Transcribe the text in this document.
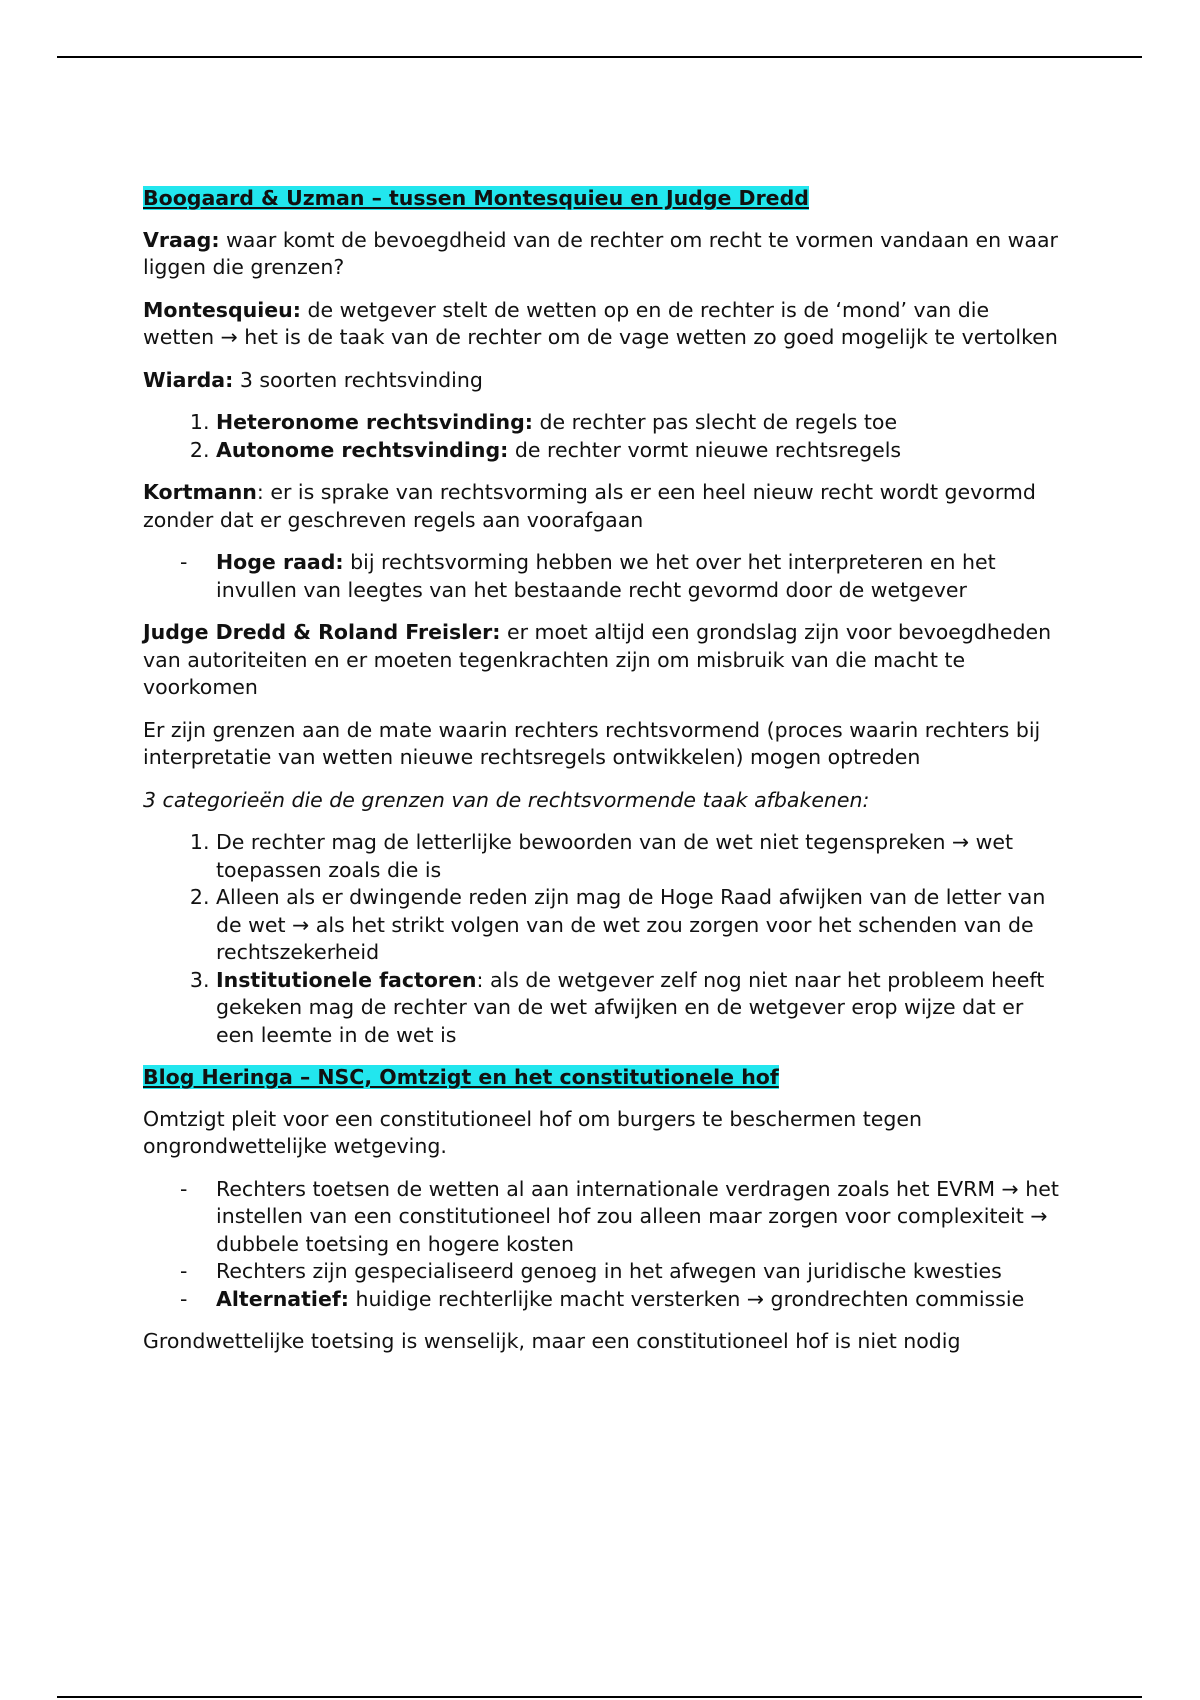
Boogaard & Uzman – tussen Montesquieu en Judge Dredd

Vraag: waar komt de bevoegdheid van de rechter om recht te vormen vandaan en waar liggen die grenzen?

Montesquieu: de wetgever stelt de wetten op en de rechter is de ‘mond’ van die wetten → het is de taak van de rechter om de vage wetten zo goed mogelijk te vertolken

Wiarda: 3 soorten rechtsvinding

1. Heteronome rechtsvinding: de rechter pas slecht de regels toe
2. Autonome rechtsvinding: de rechter vormt nieuwe rechtsregels

Kortmann: er is sprake van rechtsvorming als er een heel nieuw recht wordt gevormd zonder dat er geschreven regels aan voorafgaan

- Hoge raad: bij rechtsvorming hebben we het over het interpreteren en het invullen van leegtes van het bestaande recht gevormd door de wetgever

Judge Dredd & Roland Freisler: er moet altijd een grondslag zijn voor bevoegdheden van autoriteiten en er moeten tegenkrachten zijn om misbruik van die macht te voorkomen

Er zijn grenzen aan de mate waarin rechters rechtsvormend (proces waarin rechters bij interpretatie van wetten nieuwe rechtsregels ontwikkelen) mogen optreden

3 categorieën die de grenzen van de rechtsvormende taak afbakenen:

1. De rechter mag de letterlijke bewoorden van de wet niet tegenspreken → wet toepassen zoals die is
2. Alleen als er dwingende reden zijn mag de Hoge Raad afwijken van de letter van de wet → als het strikt volgen van de wet zou zorgen voor het schenden van de rechtszekerheid
3. Institutionele factoren: als de wetgever zelf nog niet naar het probleem heeft gekeken mag de rechter van de wet afwijken en de wetgever erop wijze dat er een leemte in de wet is

Blog Heringa – NSC, Omtzigt en het constitutionele hof

Omtzigt pleit voor een constitutioneel hof om burgers te beschermen tegen ongrondwettelijke wetgeving.

- Rechters toetsen de wetten al aan internationale verdragen zoals het EVRM → het instellen van een constitutioneel hof zou alleen maar zorgen voor complexiteit → dubbele toetsing en hogere kosten
- Rechters zijn gespecialiseerd genoeg in het afwegen van juridische kwesties
- Alternatief: huidige rechterlijke macht versterken → grondrechten commissie

Grondwettelijke toetsing is wenselijk, maar een constitutioneel hof is niet nodig
